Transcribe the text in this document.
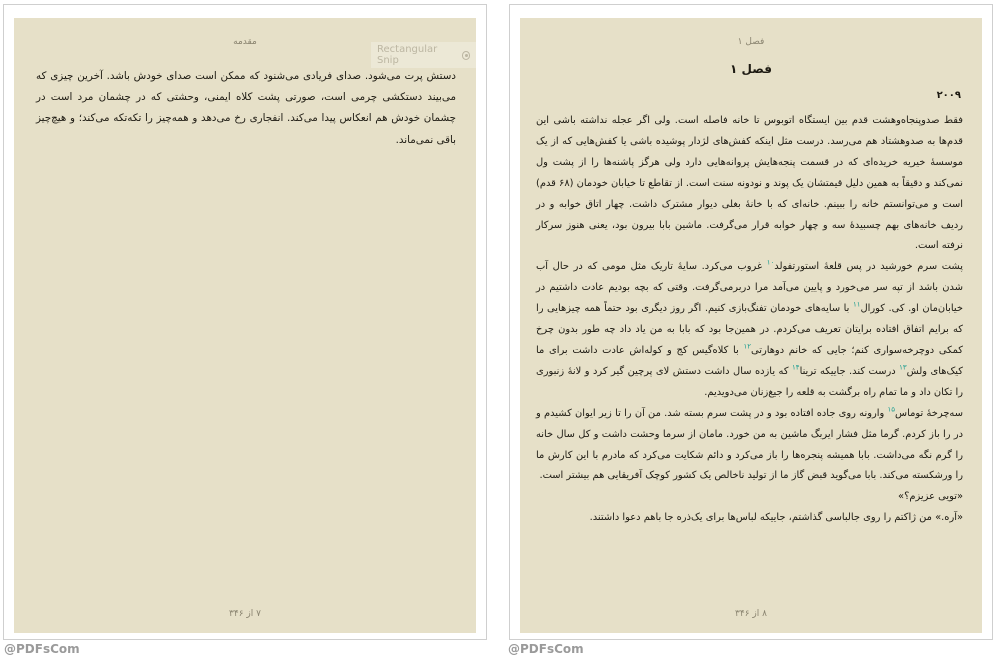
مقدمه
Rectangular Snip
دستش پرت می‌شود. صدای فریادی می‌شنود که ممکن است صدای خودش باشد. آخرین چیزی که می‌بیند دستکشی چرمی است، صورتی پشت کلاه ایمنی، وحشتی که در چشمان مرد است در چشمان خودش هم انعکاس پیدا می‌کند. انفجاری رخ می‌دهد و همه‌چیز را تکه‌تکه می‌کند؛ و هیچ‌چیز باقی نمی‌ماند.
۷ از ۳۴۶
فصل ۱
فصل ۱
۲۰۰۹

فقط صدوپنجاه‌وهشت قدم بین ایستگاه اتوبوس تا خانه فاصله است. ولی اگر عجله نداشته باشی این قدم‌ها به صدوهشتاد هم می‌رسد. درست مثل اینکه کفش‌های لژدار پوشیده باشی یا کفش‌هایی که از یک موسسهٔ خیریه خریده‌ای که در قسمت پنجه‌هایش پروانه‌هایی دارد ولی هرگز پاشنه‌ها را از پشت ول نمی‌کند و دقیقاً به همین دلیل قیمتشان یک پوند و نودونه سنت است. از تقاطع تا خیابان خودمان (۶۸ قدم) است و می‌توانستم خانه را ببینم. خانه‌ای که با خانهٔ بغلی دیوار مشترک داشت. چهار اتاق خوابه و در ردیف خانه‌های بهم چسبیدهٔ سه و چهار خوابه قرار می‌گرفت. ماشین بابا بیرون بود، یعنی هنوز سرکار نرفته است.

پشت سرم خورشید در پس قلعهٔ استورتفولد$^{۱۰}$ غروب می‌کرد. سایهٔ تاریک مثل مومی که در حال آب شدن باشد از تپه سر می‌خورد و پایین می‌آمد مرا دربرمی‌گرفت. وقتی که بچه بودیم عادت داشتیم در خیابان‌مان او. کی. کورال$^{۱۱}$ با سایه‌های خودمان تفنگ‌بازی کنیم. اگر روز دیگری بود حتماً همه چیزهایی را که برایم اتفاق افتاده برایتان تعریف می‌کردم. در همین‌جا بود که بابا به من یاد داد چه طور بدون چرخ کمکی دوچرخه‌سواری کنم؛ جایی که خانم دوهارتی$^{۱۲}$ با کلاه‌گیس کج و کوله‌اش عادت داشت برای ما کیک‌های ولش$^{۱۳}$ درست کند. جاییکه ترینا$^{۱۴}$ که یازده سال داشت دستش لای پرچین گیر کرد و لانهٔ زنبوری را تکان داد و ما تمام راه برگشت به قلعه را جیغ‌زنان می‌دویدیم.

سه‌چرخهٔ توماس$^{۱۵}$ وارونه روی جاده افتاده بود و در پشت سرم بسته شد. من آن را تا زیر ایوان کشیدم و در را باز کردم. گرما مثل فشار ایربگ ماشین به من خورد. مامان از سرما وحشت داشت و کل سال خانه را گرم نگه می‌داشت. بابا همیشه پنجره‌ها را باز می‌کرد و دائم شکایت می‌کرد که مادرم با این کارش ما را ورشکسته می‌کند. بابا می‌گوید قبض گاز ما از تولید ناخالص یک کشور کوچک آفریقایی هم بیشتر است.

«تویی عزیزم؟»

«آره.» من ژاکتم را روی جالباسی گذاشتم، جاییکه لباس‌ها برای یک‌ذره جا باهم دعوا داشتند.

۸ از ۳۴۶
@PDFsCom	@PDFsCom
